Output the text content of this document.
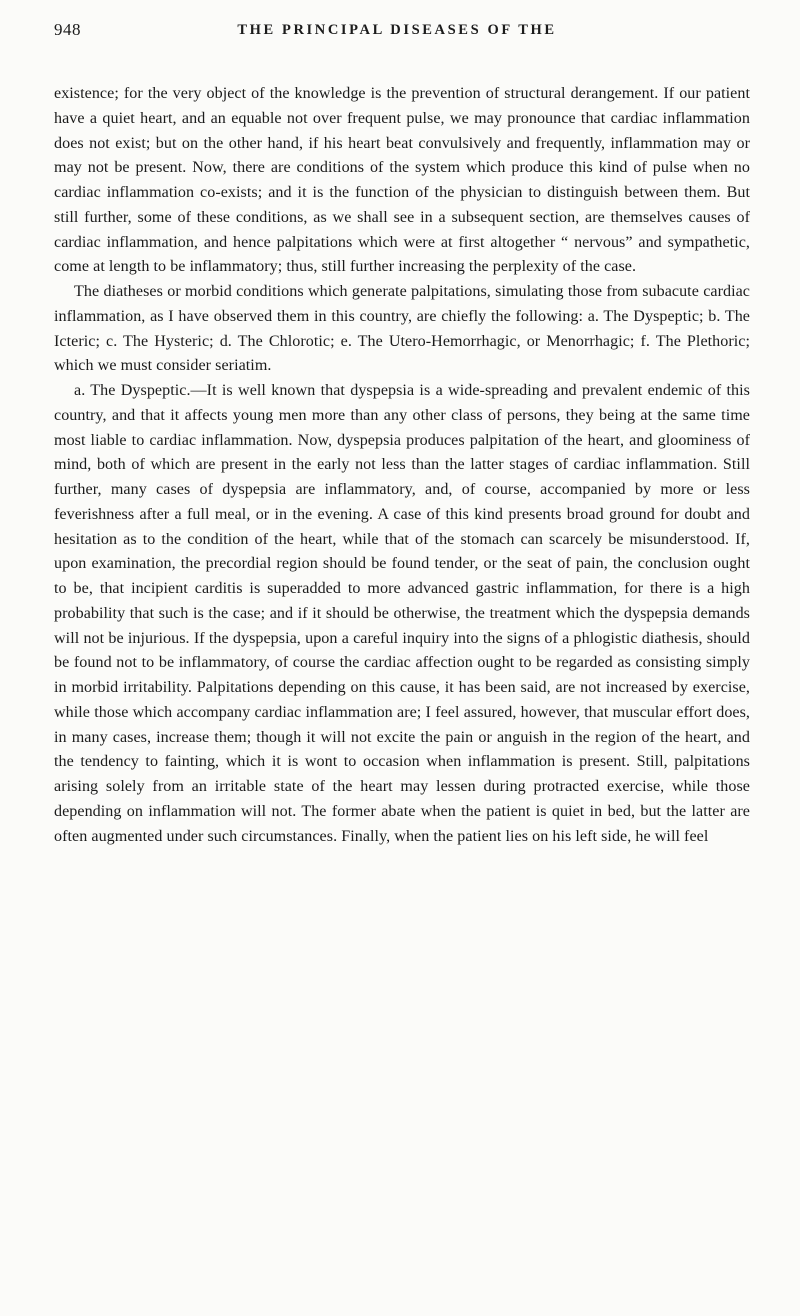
948	THE PRINCIPAL DISEASES OF THE

existence; for the very object of the knowledge is the prevention of structural derangement. If our patient have a quiet heart, and an equable not over frequent pulse, we may pronounce that cardiac inflammation does not exist; but on the other hand, if his heart beat convulsively and frequently, inflammation may or may not be present. Now, there are conditions of the system which produce this kind of pulse when no cardiac inflammation co-exists; and it is the function of the physician to distinguish between them. But still further, some of these conditions, as we shall see in a subsequent section, are themselves causes of cardiac inflammation, and hence palpitations which were at first altogether “ nervous” and sympathetic, come at length to be inflammatory; thus, still further increasing the perplexity of the case.

The diatheses or morbid conditions which generate palpitations, simulating those from subacute cardiac inflammation, as I have observed them in this country, are chiefly the following: a. The Dyspeptic; b. The Icteric; c. The Hysteric; d. The Chlorotic; e. The Utero-Hemorrhagic, or Menorrhagic; f. The Plethoric; which we must consider seriatim.

a. The Dyspeptic.—It is well known that dyspepsia is a wide-spreading and prevalent endemic of this country, and that it affects young men more than any other class of persons, they being at the same time most liable to cardiac inflammation. Now, dyspepsia produces palpitation of the heart, and gloominess of mind, both of which are present in the early not less than the latter stages of cardiac inflammation. Still further, many cases of dyspepsia are inflammatory, and, of course, accompanied by more or less feverishness after a full meal, or in the evening. A case of this kind presents broad ground for doubt and hesitation as to the condition of the heart, while that of the stomach can scarcely be misunderstood. If, upon examination, the precordial region should be found tender, or the seat of pain, the conclusion ought to be, that incipient carditis is superadded to more advanced gastric inflammation, for there is a high probability that such is the case; and if it should be otherwise, the treatment which the dyspepsia demands will not be injurious. If the dyspepsia, upon a careful inquiry into the signs of a phlogistic diathesis, should be found not to be inflammatory, of course the cardiac affection ought to be regarded as consisting simply in morbid irritability. Palpitations depending on this cause, it has been said, are not increased by exercise, while those which accompany cardiac inflammation are; I feel assured, however, that muscular effort does, in many cases, increase them; though it will not excite the pain or anguish in the region of the heart, and the tendency to fainting, which it is wont to occasion when inflammation is present. Still, palpitations arising solely from an irritable state of the heart may lessen during protracted exercise, while those depending on inflammation will not. The former abate when the patient is quiet in bed, but the latter are often augmented under such circumstances. Finally, when the patient lies on his left side, he will feel
